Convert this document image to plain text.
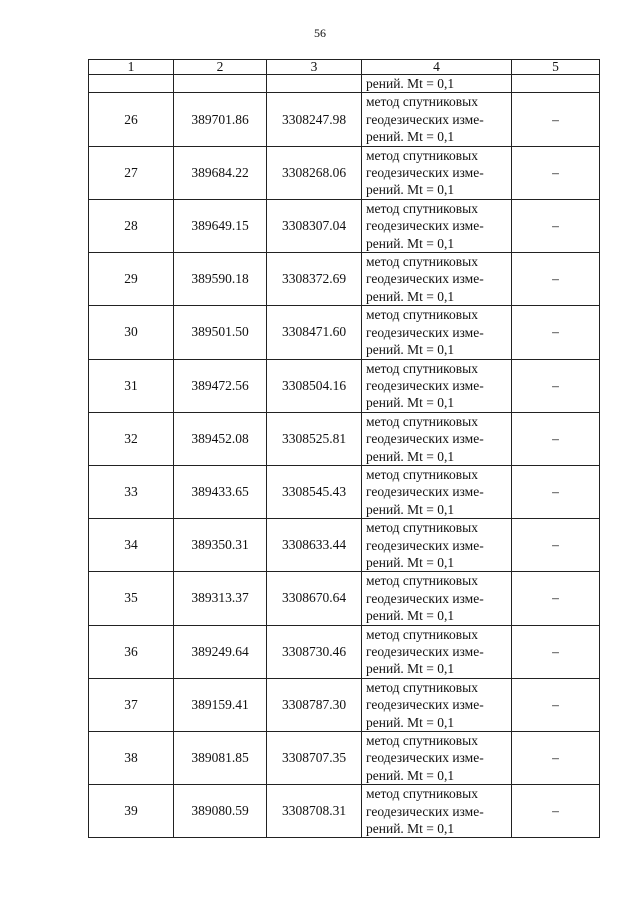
56
1	2	3	4	5
			рений. Mt = 0,1	
26	389701.86	3308247.98	метод спутниковых
геодезических изме-
рений. Mt = 0,1	–
27	389684.22	3308268.06	метод спутниковых
геодезических изме-
рений. Mt = 0,1	–
28	389649.15	3308307.04	метод спутниковых
геодезических изме-
рений. Mt = 0,1	–
29	389590.18	3308372.69	метод спутниковых
геодезических изме-
рений. Mt = 0,1	–
30	389501.50	3308471.60	метод спутниковых
геодезических изме-
рений. Mt = 0,1	–
31	389472.56	3308504.16	метод спутниковых
геодезических изме-
рений. Mt = 0,1	–
32	389452.08	3308525.81	метод спутниковых
геодезических изме-
рений. Mt = 0,1	–
33	389433.65	3308545.43	метод спутниковых
геодезических изме-
рений. Mt = 0,1	–
34	389350.31	3308633.44	метод спутниковых
геодезических изме-
рений. Mt = 0,1	–
35	389313.37	3308670.64	метод спутниковых
геодезических изме-
рений. Mt = 0,1	–
36	389249.64	3308730.46	метод спутниковых
геодезических изме-
рений. Mt = 0,1	–
37	389159.41	3308787.30	метод спутниковых
геодезических изме-
рений. Mt = 0,1	–
38	389081.85	3308707.35	метод спутниковых
геодезических изме-
рений. Mt = 0,1	–
39	389080.59	3308708.31	метод спутниковых
геодезических изме-
рений. Mt = 0,1	–
